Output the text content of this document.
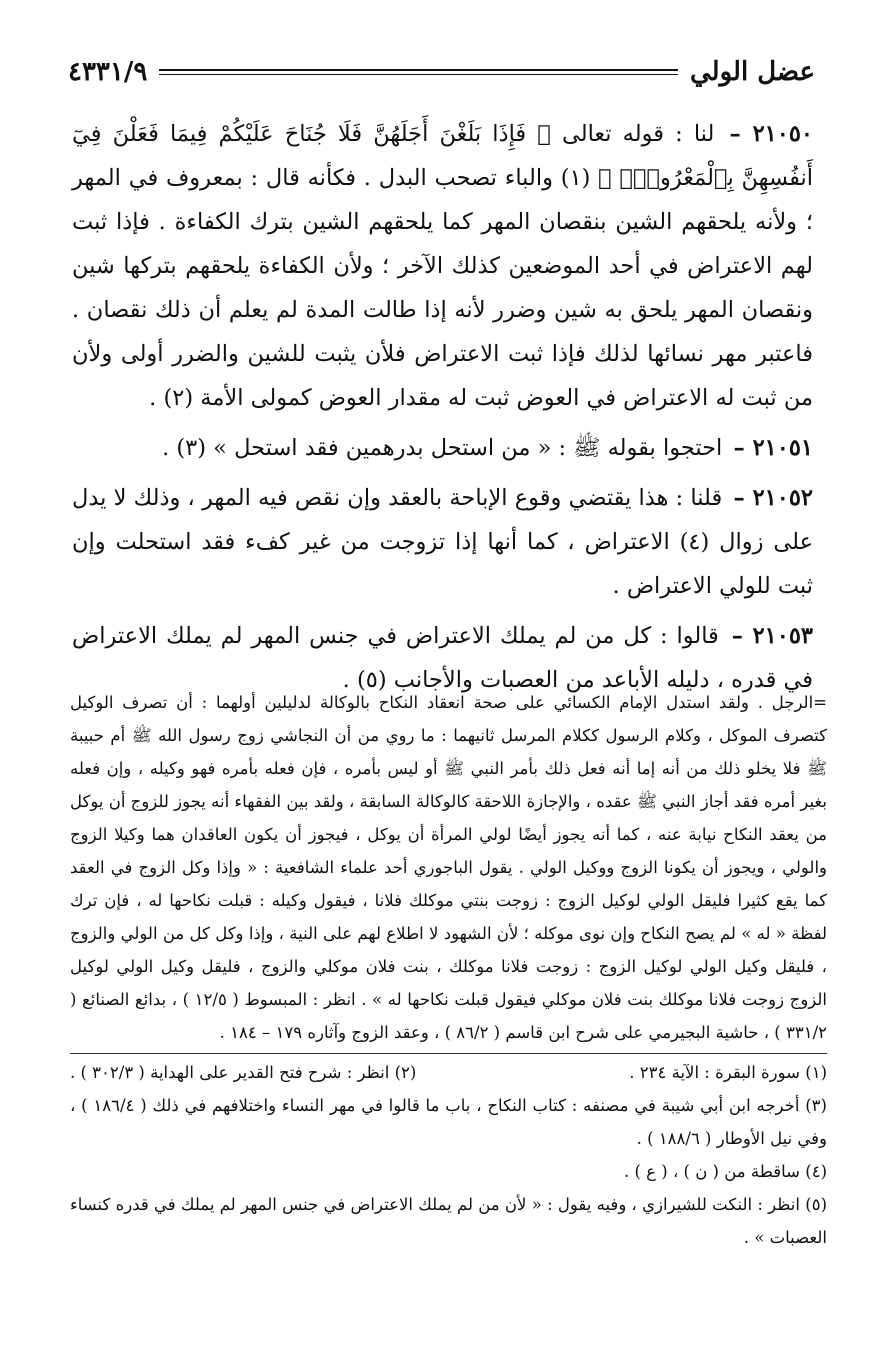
عضل الولي
٤٣٣١/٩

٢١٠٥٠ – لنا : قوله تعالى ﴿ فَإِذَا بَلَغْنَ أَجَلَهُنَّ فَلَا جُنَاحَ عَلَيْكُمْ فِيمَا فَعَلْنَ فِيٓ أَنفُسِهِنَّ بِٱلْمَعْرُوفِۗ ﴾ (١) والباء تصحب البدل . فكأنه قال : بمعروف في المهر ؛ ولأنه يلحقهم الشين بنقصان المهر كما يلحقهم الشين بترك الكفاءة . فإذا ثبت لهم الاعتراض في أحد الموضعين كذلك الآخر ؛ ولأن الكفاءة يلحقهم بتركها شين ونقصان المهر يلحق به شين وضرر لأنه إذا طالت المدة لم يعلم أن ذلك نقصان . فاعتبر مهر نسائها لذلك فإذا ثبت الاعتراض فلأن يثبت للشين والضرر أولى ولأن من ثبت له الاعتراض في العوض ثبت له مقدار العوض كمولى الأمة (٢) .

٢١٠٥١ – احتجوا بقوله ﷺ : « من استحل بدرهمين فقد استحل » (٣) .

٢١٠٥٢ – قلنا : هذا يقتضي وقوع الإباحة بالعقد وإن نقص فيه المهر ، وذلك لا يدل على زوال (٤) الاعتراض ، كما أنها إذا تزوجت من غير كفء فقد استحلت وإن ثبت للولي الاعتراض .

٢١٠٥٣ – قالوا : كل من لم يملك الاعتراض في جنس المهر لم يملك الاعتراض في قدره ، دليله الأباعد من العصبات والأجانب (٥) .

=الرجل . ولقد استدل الإمام الكسائي على صحة انعقاد النكاح بالوكالة لدليلين أولهما : أن تصرف الوكيل كتصرف الموكل ، وكلام الرسول ككلام المرسل ثانيهما : ما روي من أن النجاشي زوج رسول الله ﷺ أم حبيبة ﷺ فلا يخلو ذلك من أنه إما أنه فعل ذلك بأمر النبي ﷺ أو ليس بأمره ، فإن فعله بأمره فهو وكيله ، وإن فعله بغير أمره فقد أجاز النبي ﷺ عقده ، والإجازة اللاحقة كالوكالة السابقة ، ولقد بين الفقهاء أنه يجوز للزوج أن يوكل من يعقد النكاح نيابة عنه ، كما أنه يجوز أيضًا لولي المرأة أن يوكل ، فيجوز أن يكون العاقدان هما وكيلا الزوج والولي ، ويجوز أن يكونا الزوج ووكيل الولي . يقول الباجوري أحد علماء الشافعية : « وإذا وكل الزوج في العقد كما يقع كثيرا فليقل الولي لوكيل الزوج : زوجت بنتي موكلك فلانا ، فيقول وكيله : قبلت نكاحها له ، فإن ترك لفظة « له » لم يصح النكاح وإن نوى موكله ؛ لأن الشهود لا اطلاع لهم على النية ، وإذا وكل كل من الولي والزوج ، فليقل وكيل الولي لوكيل الزوج : زوجت فلانا موكلك ، بنت فلان موكلي والزوج ، فليقل وكيل الولي لوكيل الزوج زوجت فلانا موكلك بنت فلان موكلي فيقول قبلت نكاحها له » . انظر : المبسوط ( ١٢/٥ ) ، بدائع الصنائع ( ٣٣١/٢ ) ، حاشية البجيرمي على شرح ابن قاسم ( ٨٦/٢ ) ، وعقد الزوج وآثاره ١٧٩ – ١٨٤ .

(١) سورة البقرة : الآية ٢٣٤ .

(٢) انظر : شرح فتح القدير على الهداية ( ٣٠٢/٣ ) .

(٣) أخرجه ابن أبي شيبة في مصنفه : كتاب النكاح ، باب ما قالوا في مهر النساء واختلافهم في ذلك ( ١٨٦/٤ ) ، وفي نيل الأوطار ( ١٨٨/٦ ) .

(٤) ساقطة من ( ن ) ، ( ع ) .

(٥) انظر : النكت للشيرازي ، وفيه يقول : « لأن من لم يملك الاعتراض في جنس المهر لم يملك في قدره كنساء العصبات » .
